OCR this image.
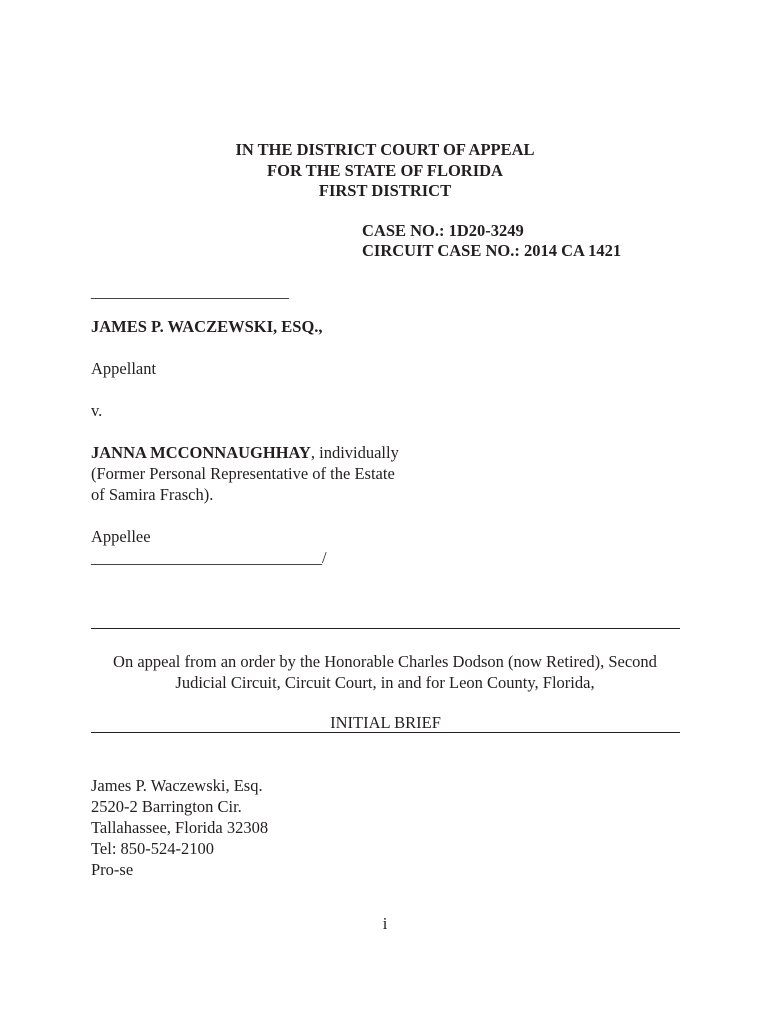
IN THE DISTRICT COURT OF APPEAL
FOR THE STATE OF FLORIDA
FIRST DISTRICT
CASE NO.: 1D20-3249
CIRCUIT CASE NO.: 2014 CA 1421
________________________
JAMES P. WACZEWSKI, ESQ.,
Appellant
v.
JANNA MCCONNAUGHHAY, individually
(Former Personal Representative of the Estate
of Samira Frasch).
Appellee
____________________________/
On appeal from an order by the Honorable Charles Dodson (now Retired), Second
Judicial Circuit, Circuit Court, in and for Leon County, Florida,
INITIAL BRIEF
James P. Waczewski, Esq.
2520-2 Barrington Cir.
Tallahassee, Florida 32308
Tel: 850-524-2100
Pro-se
i
